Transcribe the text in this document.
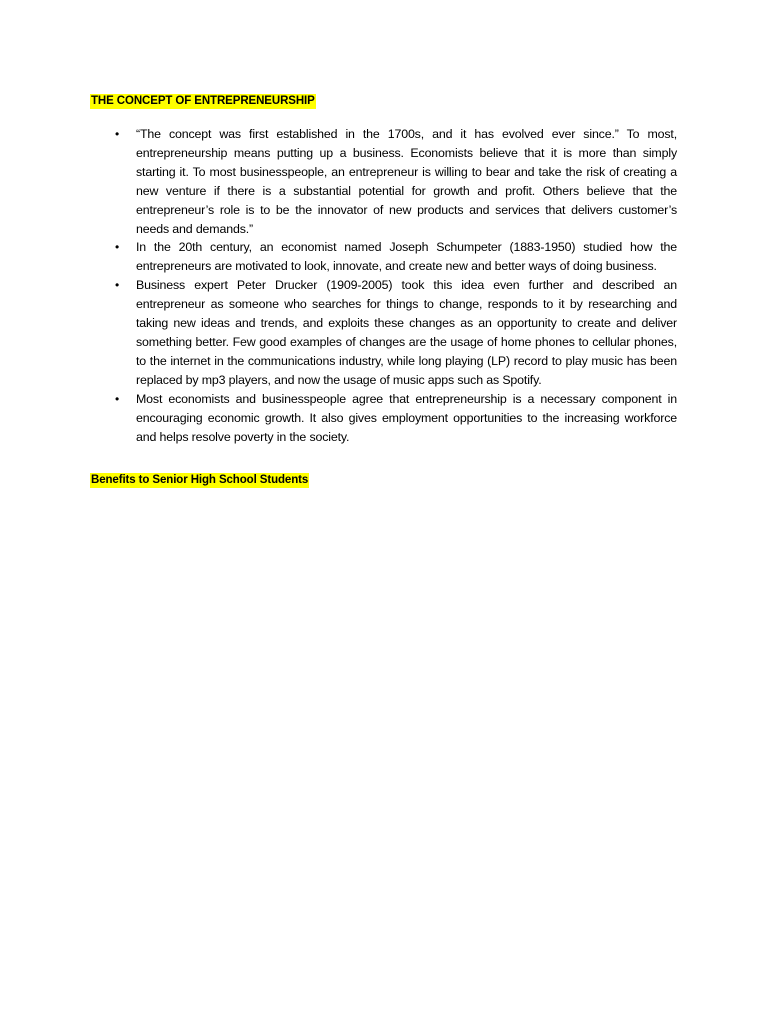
THE CONCEPT OF ENTREPRENEURSHIP
• “The concept was first established in the 1700s, and it has evolved ever since.” To most, entrepreneurship means putting up a business. Economists believe that it is more than simply starting it. To most businesspeople, an entrepreneur is willing to bear and take the risk of creating a new venture if there is a substantial potential for growth and profit. Others believe that the entrepreneur’s role is to be the innovator of new products and services that delivers customer’s needs and demands.”
• In the 20th century, an economist named Joseph Schumpeter (1883-1950) studied how the entrepreneurs are motivated to look, innovate, and create new and better ways of doing business.
• Business expert Peter Drucker (1909-2005) took this idea even further and described an entrepreneur as someone who searches for things to change, responds to it by researching and taking new ideas and trends, and exploits these changes as an opportunity to create and deliver something better. Few good examples of changes are the usage of home phones to cellular phones, to the internet in the communications industry, while long playing (LP) record to play music has been replaced by mp3 players, and now the usage of music apps such as Spotify.
• Most economists and businesspeople agree that entrepreneurship is a necessary component in encouraging economic growth. It also gives employment opportunities to the increasing workforce and helps resolve poverty in the society.
Benefits to Senior High School Students
